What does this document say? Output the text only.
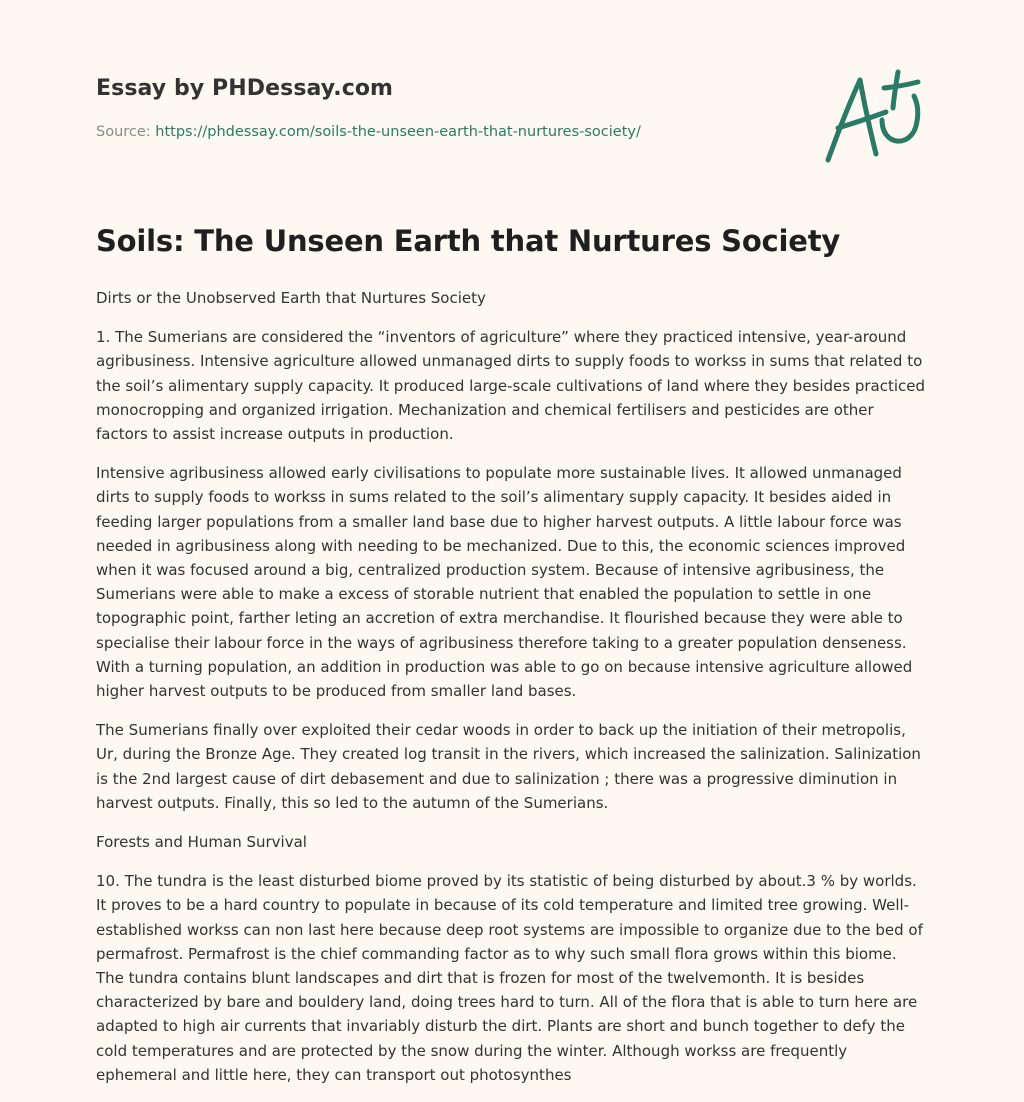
Essay by PHDessay.com
Source: https://phdessay.com/soils-the-unseen-earth-that-nurtures-society/
Soils: The Unseen Earth that Nurtures Society

Dirts or the Unobserved Earth that Nurtures Society

1. The Sumerians are considered the “inventors of agriculture” where they practiced intensive, year-around agribusiness. Intensive agriculture allowed unmanaged dirts to supply foods to workss in sums that related to the soil’s alimentary supply capacity. It produced large-scale cultivations of land where they besides practiced monocropping and organized irrigation. Mechanization and chemical fertilisers and pesticides are other factors to assist increase outputs in production.

Intensive agribusiness allowed early civilisations to populate more sustainable lives. It allowed unmanaged dirts to supply foods to workss in sums related to the soil’s alimentary supply capacity. It besides aided in feeding larger populations from a smaller land base due to higher harvest outputs. A little labour force was needed in agribusiness along with needing to be mechanized. Due to this, the economic sciences improved when it was focused around a big, centralized production system. Because of intensive agribusiness, the Sumerians were able to make a excess of storable nutrient that enabled the population to settle in one topographic point, farther leting an accretion of extra merchandise. It flourished because they were able to specialise their labour force in the ways of agribusiness therefore taking to a greater population denseness. With a turning population, an addition in production was able to go on because intensive agriculture allowed higher harvest outputs to be produced from smaller land bases.

The Sumerians finally over exploited their cedar woods in order to back up the initiation of their metropolis, Ur, during the Bronze Age. They created log transit in the rivers, which increased the salinization. Salinization is the 2nd largest cause of dirt debasement and due to salinization ; there was a progressive diminution in harvest outputs. Finally, this so led to the autumn of the Sumerians.

Forests and Human Survival

10. The tundra is the least disturbed biome proved by its statistic of being disturbed by about.3 % by worlds. It proves to be a hard country to populate in because of its cold temperature and limited tree growing. Well-established workss can non last here because deep root systems are impossible to organize due to the bed of permafrost. Permafrost is the chief commanding factor as to why such small flora grows within this biome. The tundra contains blunt landscapes and dirt that is frozen for most of the twelvemonth. It is besides characterized by bare and bouldery land, doing trees hard to turn. All of the flora that is able to turn here are adapted to high air currents that invariably disturb the dirt. Plants are short and bunch together to defy the cold temperatures and are protected by the snow during the winter. Although workss are frequently ephemeral and little here, they can transport out photosynthes
